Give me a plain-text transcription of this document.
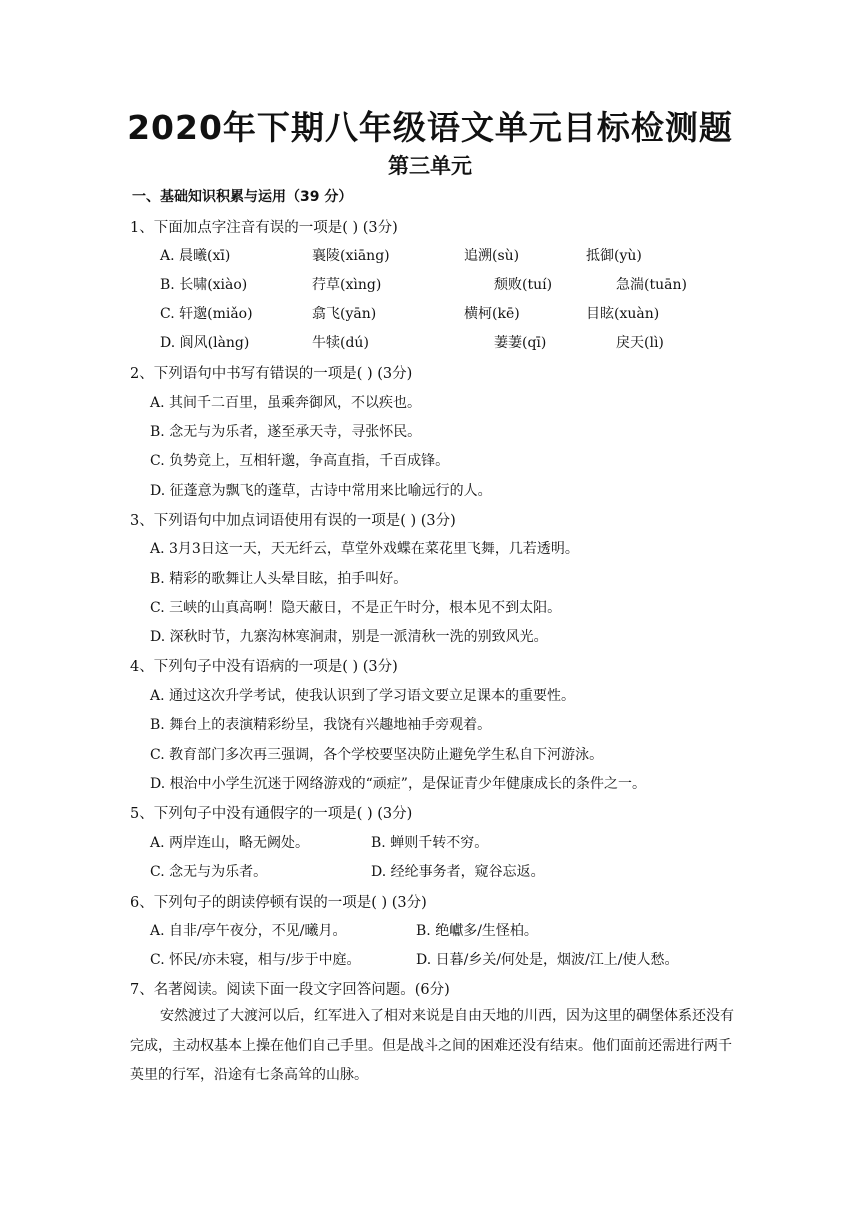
2020年下期八年级语文单元目标检测题
第三单元
一、基础知识积累与运用（39 分）

1、下面加点字注音有误的一项是( ) (3分)

A. 晨曦(xī)	襄陵(xiāng)	追溯(sù)	抵御(yù)
B. 长啸(xiào)	荇草(xìng)	颓败(tuí)	急湍(tuān)
C. 轩邈(miǎo)	翕飞(yān)	横柯(kē)	目眩(xuàn)
D. 阆风(làng)	牛犊(dú)	萋萋(qī)	戾天(lì)

2、下列语句中书写有错误的一项是( ) (3分)

A. 其间千二百里，虽乘奔御风，不以疾也。
B. 念无与为乐者，遂至承天寺，寻张怀民。
C. 负势竞上，互相轩邈，争高直指，千百成锋。
D. 征蓬意为飘飞的蓬草，古诗中常用来比喻远行的人。

3、下列语句中加点词语使用有误的一项是( ) (3分)

A. 3月3日这一天，天无纤云，草堂外戏蝶在菜花里飞舞，几若透明。
B. 精彩的歌舞让人头晕目眩，拍手叫好。
C. 三峡的山真高啊！隐天蔽日，不是正午时分，根本见不到太阳。
D. 深秋时节，九寨沟林寒涧肃，别是一派清秋一洗的别致风光。

4、下列句子中没有语病的一项是( ) (3分)

A. 通过这次升学考试，使我认识到了学习语文要立足课本的重要性。
B. 舞台上的表演精彩纷呈，我饶有兴趣地袖手旁观着。
C. 教育部门多次再三强调，各个学校要坚决防止避免学生私自下河游泳。
D. 根治中小学生沉迷于网络游戏的“顽症”，是保证青少年健康成长的条件之一。

5、下列句子中没有通假字的一项是( ) (3分)

A. 两岸连山，略无阙处。	B. 蝉则千转不穷。
C. 念无与为乐者。	D. 经纶事务者，窥谷忘返。

6、下列句子的朗读停顿有误的一项是( ) (3分)

A. 自非/亭午夜分，不见/曦月。	B. 绝巘多/生怪柏。
C. 怀民/亦未寝，相与/步于中庭。	D. 日暮/乡关/何处是，烟波/江上/使人愁。

7、名著阅读。阅读下面一段文字回答问题。(6分)

安然渡过了大渡河以后，红军进入了相对来说是自由天地的川西，因为这里的碉堡体系还没有完成，主动权基本上操在他们自己手里。但是战斗之间的困难还没有结束。他们面前还需进行两千英里的行军，沿途有七条高耸的山脉。
